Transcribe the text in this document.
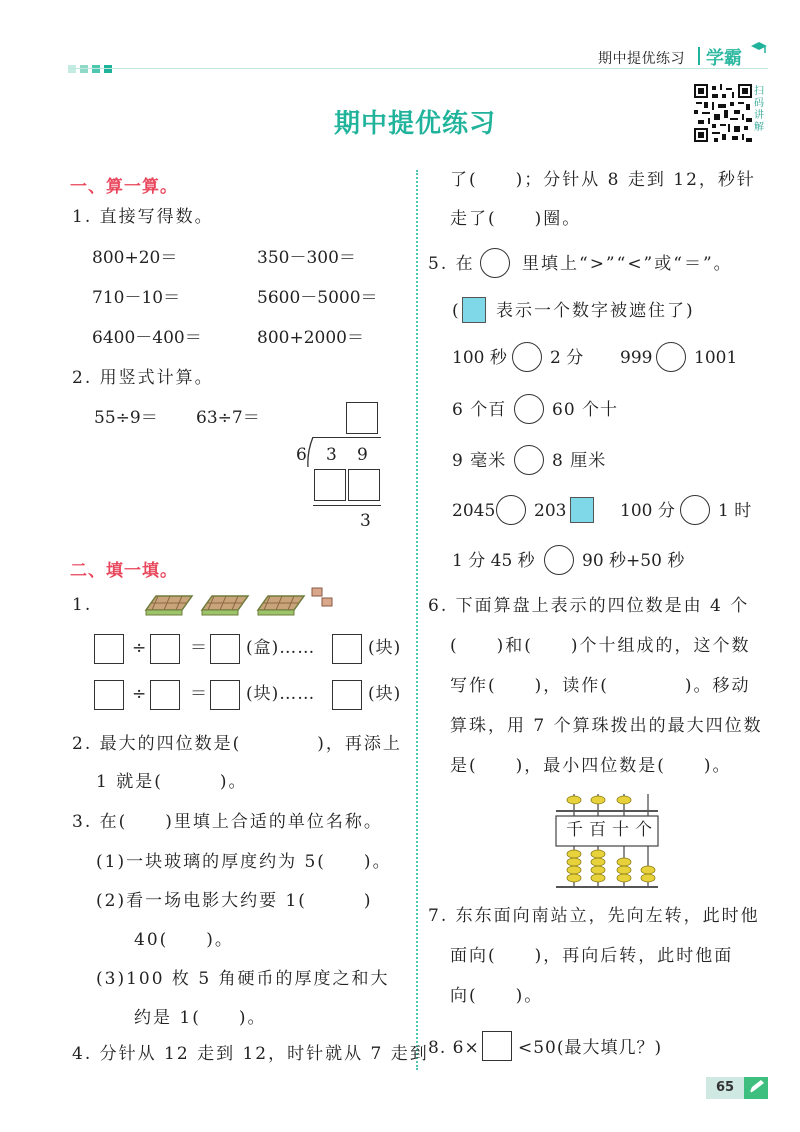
期中提优练习 学霸
期中提优练习
扫码讲解
一、算一算。
1. 直接写得数。
800+20＝	350－300＝
710－10＝	5600－5000＝
6400－400＝	800+2000＝
2. 用竖式计算。
55÷9＝ 63÷7＝
6 3 9
3
二、填一填。
1.
÷ ＝ (盒)……	(块)
÷ ＝ (块)……	(块)
2. 最大的四位数是(　　　　)，再添上
1 就是(　　　)。
3. 在(　　)里填上合适的单位名称。
(1)一块玻璃的厚度约为 5(　　)。
(2)看一场电影大约要 1(　　　)
40(　　)。
(3)100 枚 5 角硬币的厚度之和大
约是 1(　　)。
4. 分针从 12 走到 12，时针就从 7 走到
了(　　)；分针从 8 走到 12，秒针
走了(　　)圈。
5. 在	里填上“>”“<”或“＝”。
( 表示一个数字被遮住了)
100 秒	2 分 999 1001
6 个百	60 个十
9 毫米	8 厘米
2045 203	100 分	1 时
1 分 45 秒	90 秒+50 秒
6. 下面算盘上表示的四位数是由 4 个
(　　)和(　　)个十组成的，这个数
写作(　　)，读作(　　　　)。移动
算珠，用 7 个算珠拨出的最大四位数
是(　　)，最小四位数是(　　)。
千百十个
7. 东东面向南站立，先向左转，此时他
面向(　　)，再向后转，此时他面
向(　　)。
8. 6× <50(最大填几？)
65
